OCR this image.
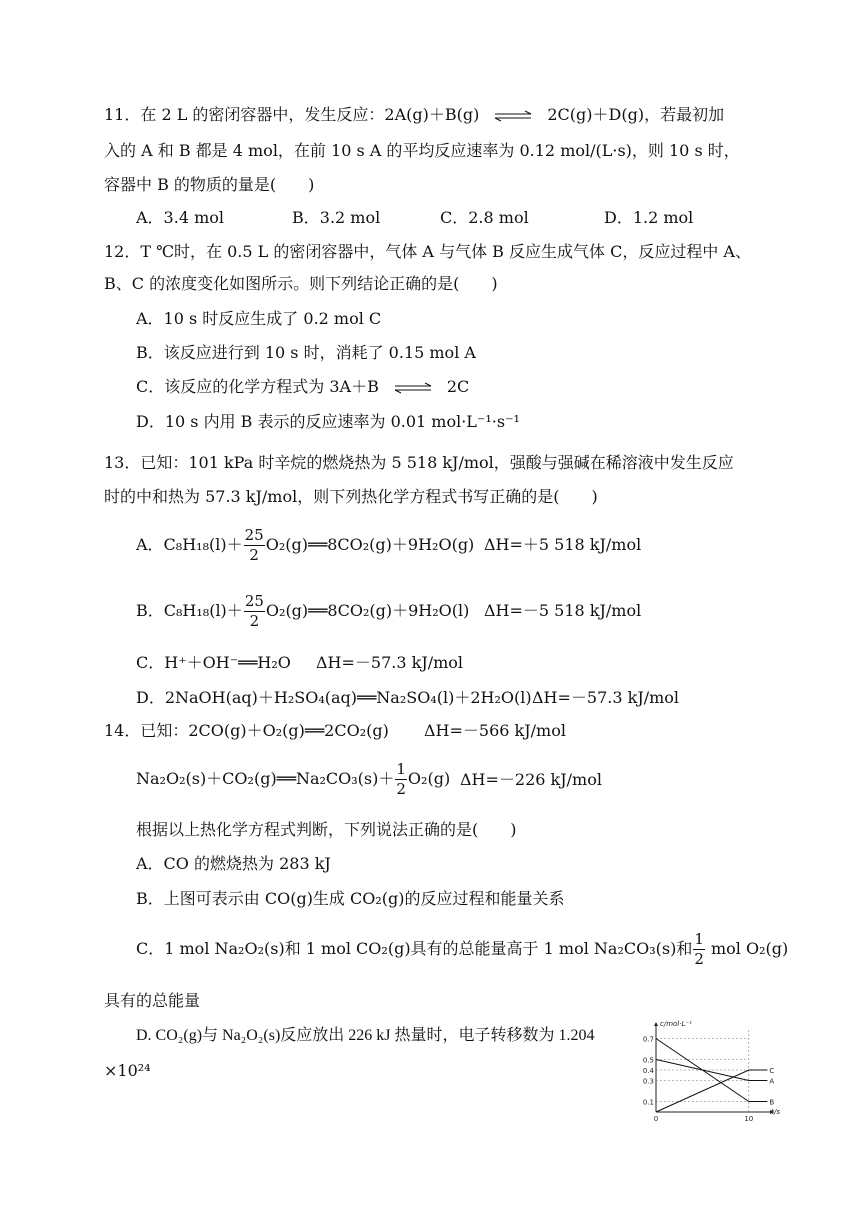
11．在 2 L 的密闭容器中，发生反应：2A(g)＋B(g) ⇌ 2C(g)＋D(g)，若最初加
入的 A 和 B 都是 4 mol，在前 10 s A 的平均反应速率为 0.12 mol/(L·s)，则 10 s 时，
容器中 B 的物质的量是(　　)
A．3.4 mol	B．3.2 mol	C．2.8 mol	D．1.2 mol
12．T ℃时，在 0.5 L 的密闭容器中，气体 A 与气体 B 反应生成气体 C，反应过程中 A、
B、C 的浓度变化如图所示。则下列结论正确的是(　　)
A．10 s 时反应生成了 0.2 mol C
B．该反应进行到 10 s 时，消耗了 0.15 mol A
C．该反应的化学方程式为 3A＋B ⇌ 2C
D．10 s 内用 B 表示的反应速率为 0.01 mol·L⁻¹·s⁻¹
13．已知：101 kPa 时辛烷的燃烧热为 5 518 kJ/mol，强酸与强碱在稀溶液中发生反应
时的中和热为 57.3 kJ/mol，则下列热化学方程式书写正确的是(　　)
A．$C_8H_{18}(l)+ \frac{25}{2}$ O₂(g)══8CO₂(g)＋9H₂O(g) ΔH=＋5 518 kJ/mol
B．$C_8H_{18}(l)+ \frac{25}{2}$ O₂(g)══8CO₂(g)＋9H₂O(l) ΔH=－5 518 kJ/mol
C．H⁺＋OH⁻══H₂O ΔH=－57.3 kJ/mol
D．2NaOH(aq)＋H₂SO₄(aq)══Na₂SO₄(l)＋2H₂O(l) ΔH=－57.3 kJ/mol
14．已知：2CO(g)＋O₂(g)══2CO₂(g) ΔH=－566 kJ/mol
Na₂O₂(s)＋CO₂(g)══Na₂CO₃(s)＋ $\frac{1}{2} O_2(g)$ ΔH=－226 kJ/mol
根据以上热化学方程式判断，下列说法正确的是(　　)
A．CO 的燃烧热为 283 kJ
B．上图可表示由 CO(g)生成 CO₂(g)的反应过程和能量关系
C．1 mol Na₂O₂(s)和 1 mol CO₂(g)具有的总能量高于 1 mol Na₂CO₃(s)和 $\frac{1}{2}$ mol O₂(g)
具有的总能量
D. CO₂(g)与 Na₂O₂(s)反应放出 226 kJ 热量时，电子转移数为 1.204
×10²⁴
0.1
0.3
0.4
0.5
0.7
0	10
c/mol·L⁻¹
t/s
A
B
C
